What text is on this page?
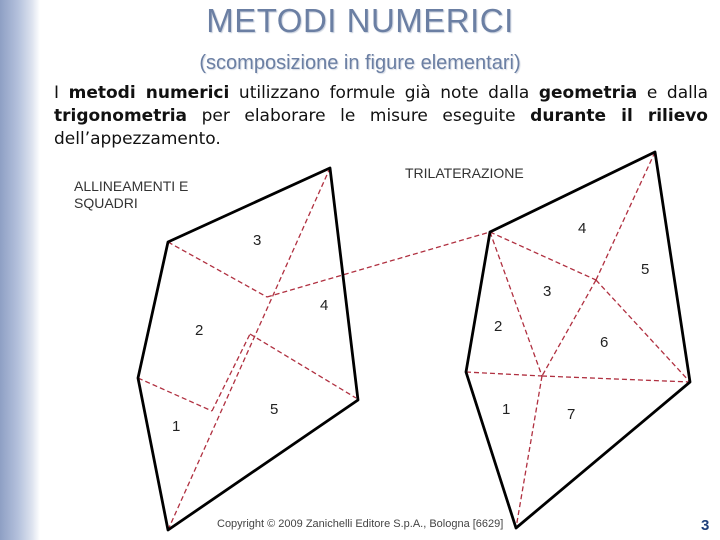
METODI NUMERICI
(scomposizione in figure elementari)

I metodi numerici utilizzano formule già note dalla geometria e dalla trigonometria per elaborare le misure eseguite durante il rilievo dell’appezzamento.

ALLINEAMENTI E
SQUADRI
TRILATERAZIONE
3
4
2
1
5
4
5
3
2
6
1	7
Copyright © 2009 Zanichelli Editore S.p.A., Bologna [6629]	3
